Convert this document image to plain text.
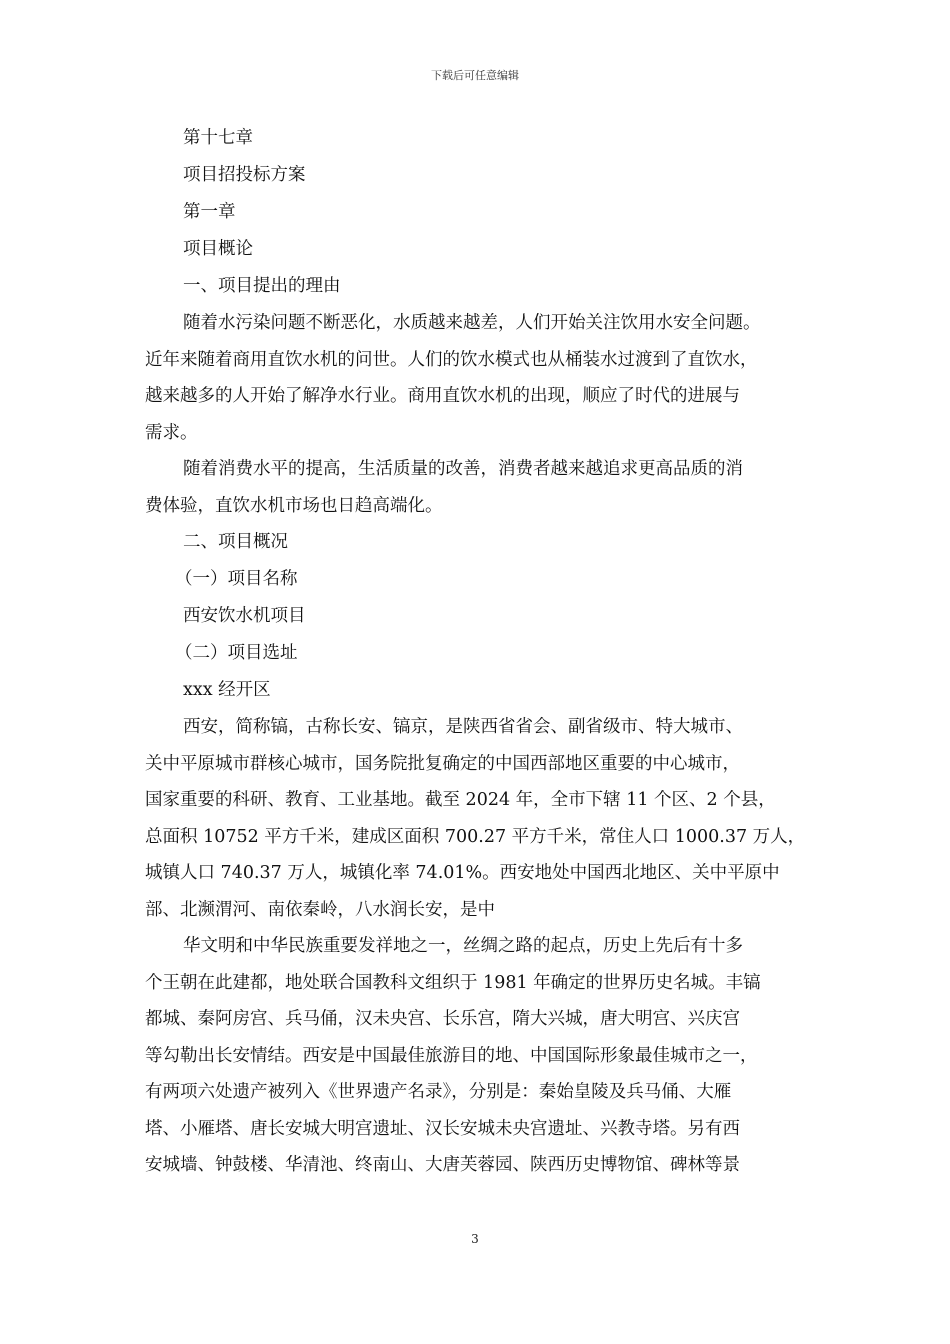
下载后可任意编辑

第十七章

项目招投标方案

第一章

项目概论

一、项目提出的理由

随着水污染问题不断恶化，水质越来越差，人们开始关注饮用水安全问题。
近年来随着商用直饮水机的问世。人们的饮水模式也从桶装水过渡到了直饮水，
越来越多的人开始了解净水行业。商用直饮水机的出现，顺应了时代的进展与
需求。
随着消费水平的提高，生活质量的改善，消费者越来越追求更高品质的消
费体验，直饮水机市场也日趋高端化。

二、项目概况

（一）项目名称

西安饮水机项目

（二）项目选址

xxx 经开区

西安，简称镐，古称长安、镐京，是陕西省省会、副省级市、特大城市、
关中平原城市群核心城市，国务院批复确定的中国西部地区重要的中心城市，
国家重要的科研、教育、工业基地。截至 2024 年，全市下辖 11 个区、2 个县，
总面积 10752 平方千米，建成区面积 700.27 平方千米，常住人口 1000.37 万人，
城镇人口 740.37 万人，城镇化率 74.01%。西安地处中国西北地区、关中平原中
部、北濒渭河、南依秦岭，八水润长安，是中
华文明和中华民族重要发祥地之一，丝绸之路的起点，历史上先后有十多
个王朝在此建都，地处联合国教科文组织于 1981 年确定的世界历史名城。丰镐
都城、秦阿房宫、兵马俑，汉未央宫、长乐宫，隋大兴城，唐大明宫、兴庆宫
等勾勒出长安情结。西安是中国最佳旅游目的地、中国国际形象最佳城市之一，
有两项六处遗产被列入《世界遗产名录》，分别是：秦始皇陵及兵马俑、大雁
塔、小雁塔、唐长安城大明宫遗址、汉长安城未央宫遗址、兴教寺塔。另有西
安城墙、钟鼓楼、华清池、终南山、大唐芙蓉园、陕西历史博物馆、碑林等景
3
